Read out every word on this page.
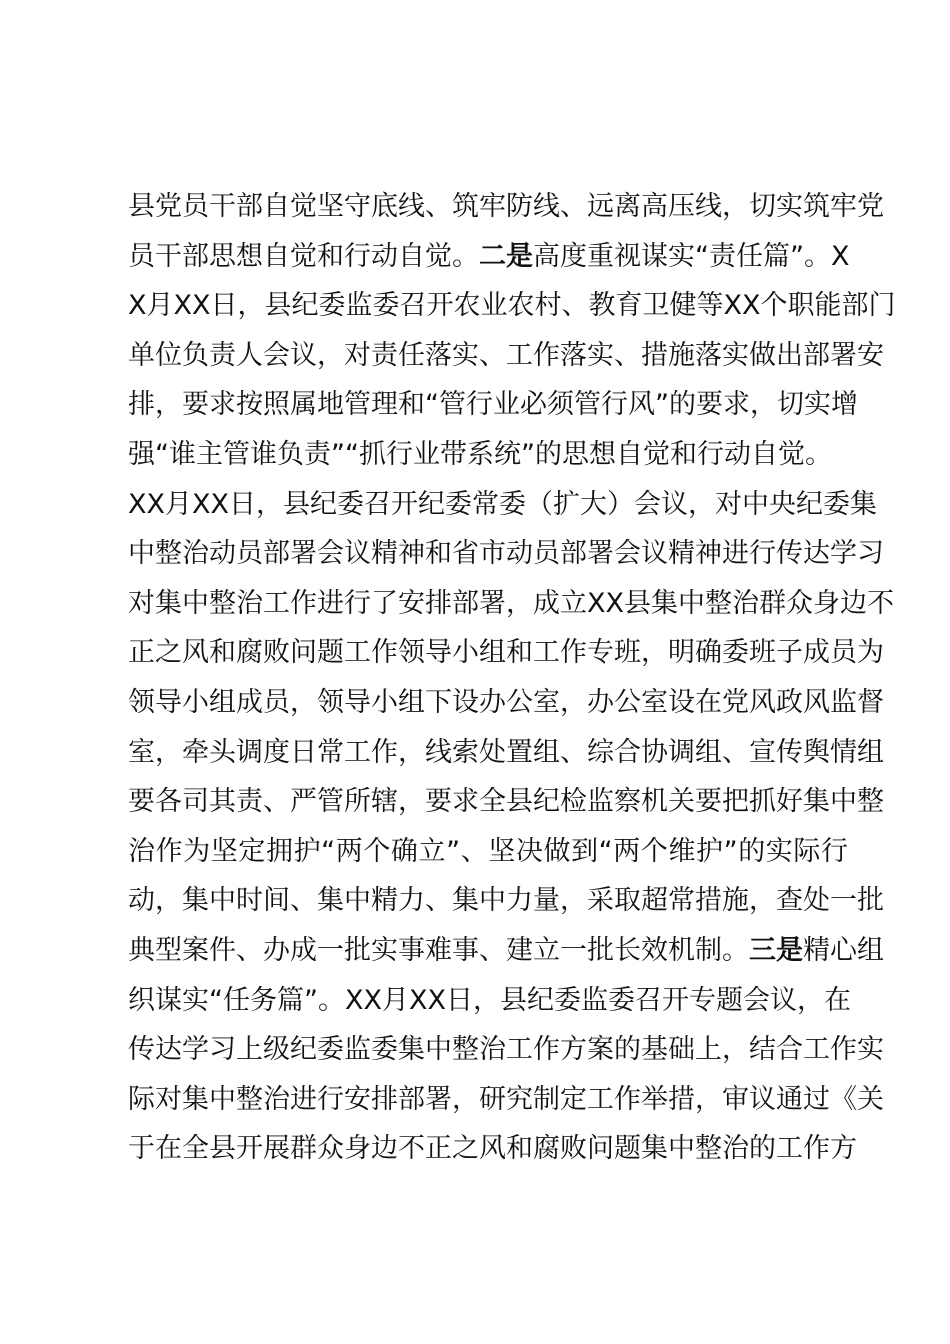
县党员干部自觉坚守底线、筑牢防线、远离高压线，切实筑牢党
员干部思想自觉和行动自觉。二是高度重视谋实“责任篇”。X
X月XX日，县纪委监委召开农业农村、教育卫健等XX个职能部门
单位负责人会议，对责任落实、工作落实、措施落实做出部署安
排，要求按照属地管理和“管行业必须管行风”的要求，切实增
强“谁主管谁负责”“抓行业带系统”的思想自觉和行动自觉。
XX月XX日，县纪委召开纪委常委（扩大）会议，对中央纪委集
中整治动员部署会议精神和省市动员部署会议精神进行传达学习
对集中整治工作进行了安排部署，成立XX县集中整治群众身边不
正之风和腐败问题工作领导小组和工作专班，明确委班子成员为
领导小组成员，领导小组下设办公室，办公室设在党风政风监督
室，牵头调度日常工作，线索处置组、综合协调组、宣传舆情组
要各司其责、严管所辖，要求全县纪检监察机关要把抓好集中整
治作为坚定拥护“两个确立”、坚决做到“两个维护”的实际行
动，集中时间、集中精力、集中力量，采取超常措施，查处一批
典型案件、办成一批实事难事、建立一批长效机制。三是精心组
织谋实“任务篇”。XX月XX日，县纪委监委召开专题会议，在
传达学习上级纪委监委集中整治工作方案的基础上，结合工作实
际对集中整治进行安排部署，研究制定工作举措，审议通过《关
于在全县开展群众身边不正之风和腐败问题集中整治的工作方
